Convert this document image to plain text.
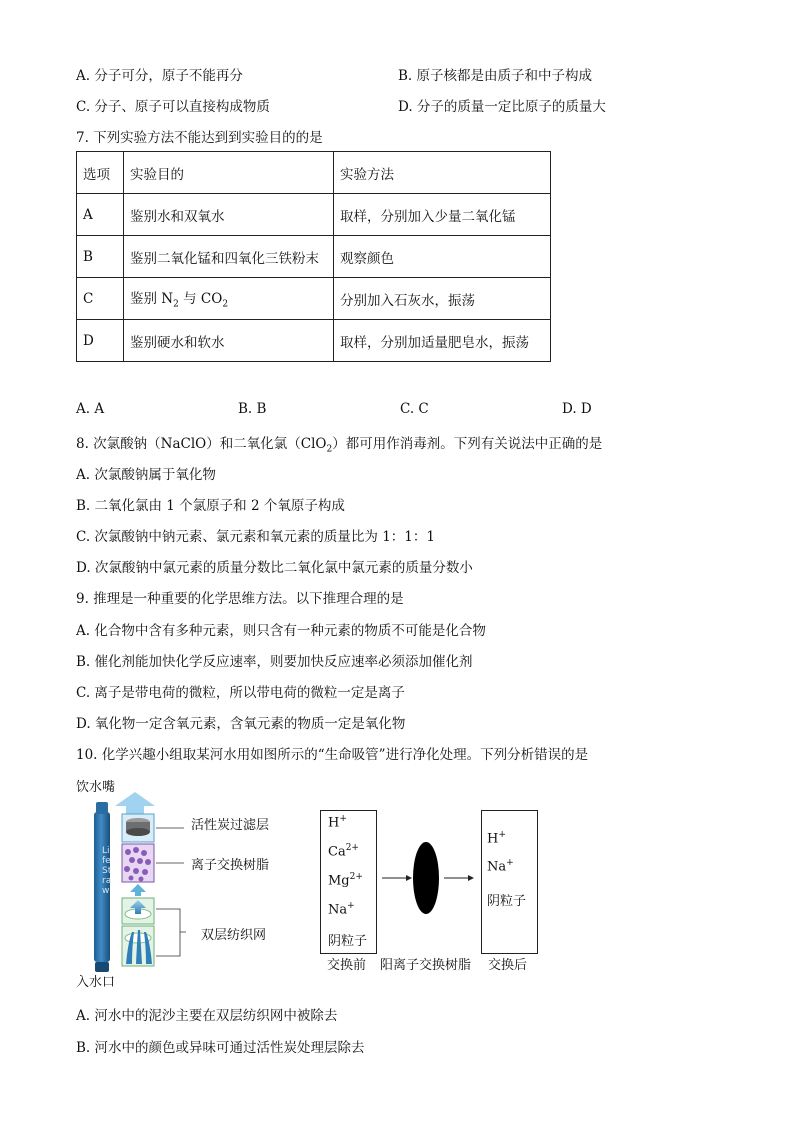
A. 分子可分，原子不能再分	B. 原子核都是由质子和中子构成
C. 分子、原子可以直接构成物质	D. 分子的质量一定比原子的质量大
7. 下列实验方法不能达到到实验目的的是
选项	实验目的	实验方法
A	鉴别水和双氧水	取样，分别加入少量二氧化锰
B	鉴别二氧化锰和四氧化三铁粉末	观察颜色
C	鉴别 $N_2$ 与 $CO_2$	分别加入石灰水，振荡
D	鉴别硬水和软水	取样，分别加适量肥皂水，振荡
A. A	B. B	C. C	D. D
8. 次氯酸钠（NaClO）和二氧化氯（ClO$_2$）都可用作消毒剂。下列有关说法中正确的是
A. 次氯酸钠属于氧化物
B. 二氧化氯由 1 个氯原子和 2 个氧原子构成
C. 次氯酸钠中钠元素、氯元素和氧元素的质量比为 1：1：1
D. 次氯酸钠中氯元素的质量分数比二氧化氯中氯元素的质量分数小
9. 推理是一种重要的化学思维方法。以下推理合理的是
A. 化合物中含有多种元素，则只含有一种元素的物质不可能是化合物
B. 催化剂能加快化学反应速率，则要加快反应速率必须添加催化剂
C. 离子是带电荷的微粒，所以带电荷的微粒一定是离子
D. 氧化物一定含氧元素，含氧元素的物质一定是氧化物
10. 化学兴趣小组取某河水用如图所示的“生命吸管”进行净化处理。下列分析错误的是
饮水嘴
入水口
LifeStraw
活性炭过滤层
离子交换树脂
双层纺织网
H+
$Ca^{2+}$
$Mg^{2+}$
Na+
阴粒子
H+
Na+
阴粒子
交换前 阳离子交换树脂 交换后
A. 河水中的泥沙主要在双层纺织网中被除去
B. 河水中的颜色或异味可通过活性炭处理层除去
